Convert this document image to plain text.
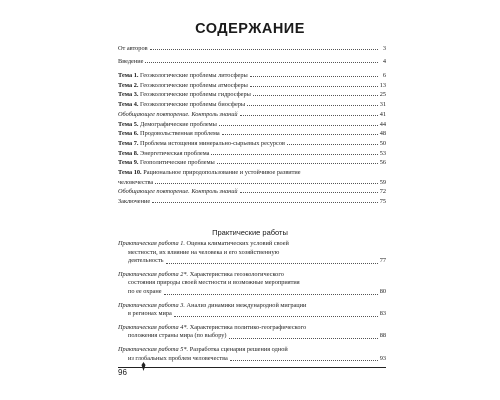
СОДЕРЖАНИЕ
От авторов	3
Введение	4
Тема 1. Геоэкологические проблемы литосферы	6
Тема 2. Геоэкологические проблемы атмосферы	13
Тема 3. Геоэкологические проблемы гидросферы	25
Тема 4. Геоэкологические проблемы биосферы	31
Обобщающее повторение. Контроль знаний	41
Тема 5. Демографические проблемы	44
Тема 6. Продовольственная проблема	48
Тема 7. Проблема истощения минерально-сырьевых ресурсов	50
Тема 8. Энергетическая проблема	53
Тема 9. Геополитические проблемы	56
Тема 10. Рациональное природопользование и устойчивое развитие
человечества	59
Обобщающее повторение. Контроль знаний	72
Заключение	75
Практические работы
Практическая работа 1. Оценка климатических условий своей
местности, их влияние на человека и его хозяйственную
деятельность	77
Практическая работа 2*. Характеристика геоэкологического
состояния природы своей местности и возможные мероприятия
по ее охране	80
Практическая работа 3. Анализ динамики международной миграции
в регионах мира	83
Практическая работа 4*. Характеристика политико-географического
положения страны мира (по выбору)	88
Практическая работа 5*. Разработка сценария решения одной
из глобальных проблем человечества	93
96
